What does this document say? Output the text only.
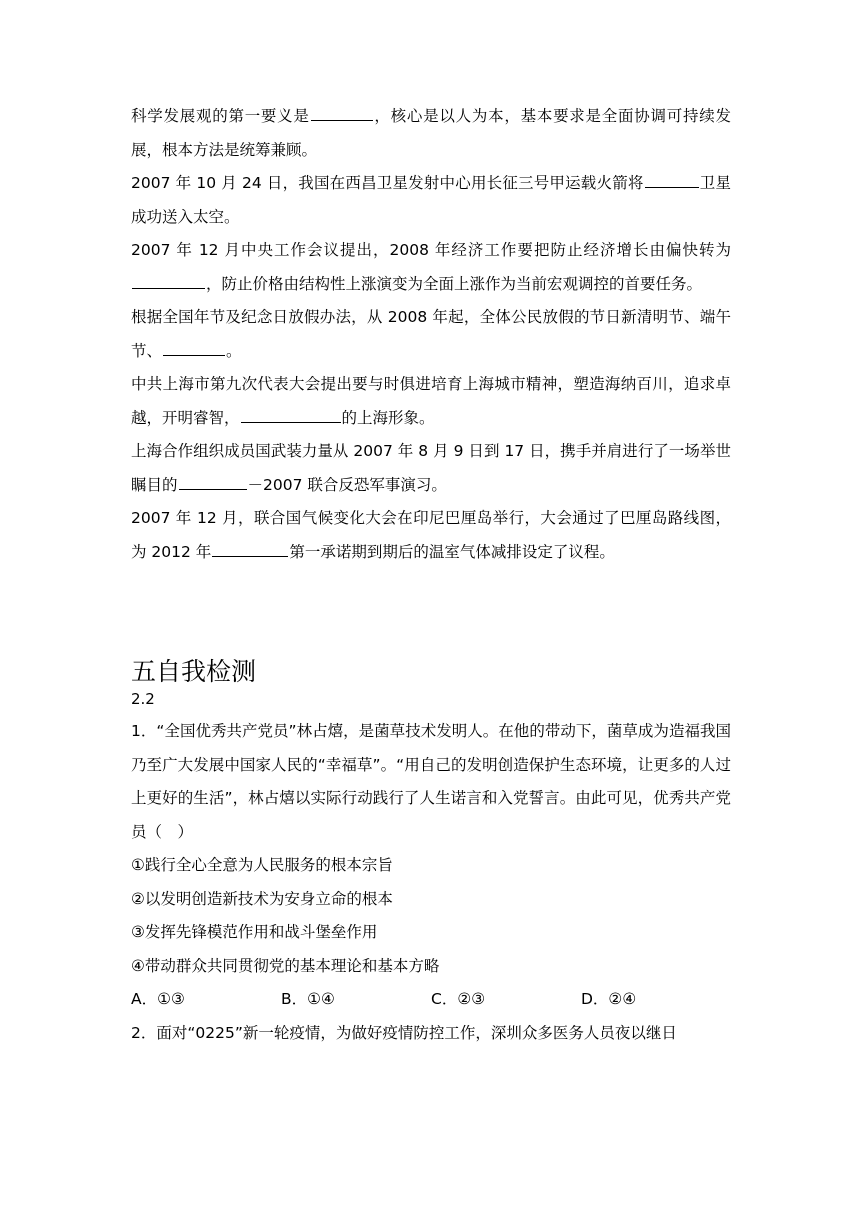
科学发展观的第一要义是	，核心是以人为本，基本要求是全面协调可持续发展，根本方法是统筹兼顾。

2007 年 10 月 24 日，我国在西昌卫星发射中心用长征三号甲运载火箭将	卫星成功送入太空。

2007 年 12 月中央工作会议提出，2008 年经济工作要把防止经济增长由偏快转为，防止价格由结构性上涨演变为全面上涨作为当前宏观调控的首要任务。

根据全国年节及纪念日放假办法，从 2008 年起，全体公民放假的节日新清明节、端午节、	。

中共上海市第九次代表大会提出要与时俱进培育上海城市精神，塑造海纳百川，追求卓越，开明睿智，	的上海形象。

上海合作组织成员国武装力量从 2007 年 8 月 9 日到 17 日，携手并肩进行了一场举世瞩目的	－2007 联合反恐军事演习。

2007 年 12 月，联合国气候变化大会在印尼巴厘岛举行，大会通过了巴厘岛路线图，为 2012 年	第一承诺期到期后的温室气体减排设定了议程。

五自我检测

2.2

1．“全国优秀共产党员”林占熺，是菌草技术发明人。在他的带动下，菌草成为造福我国乃至广大发展中国家人民的“幸福草”。“用自己的发明创造保护生态环境，让更多的人过上更好的生活”，林占熺以实际行动践行了人生诺言和入党誓言。由此可见，优秀共产党员（　）

①践行全心全意为人民服务的根本宗旨

②以发明创造新技术为安身立命的根本

③发挥先锋模范作用和战斗堡垒作用

④带动群众共同贯彻党的基本理论和基本方略

A．①③	B．①④	C．②③	D．②④

2．面对“0225”新一轮疫情，为做好疫情防控工作，深圳众多医务人员夜以继日
